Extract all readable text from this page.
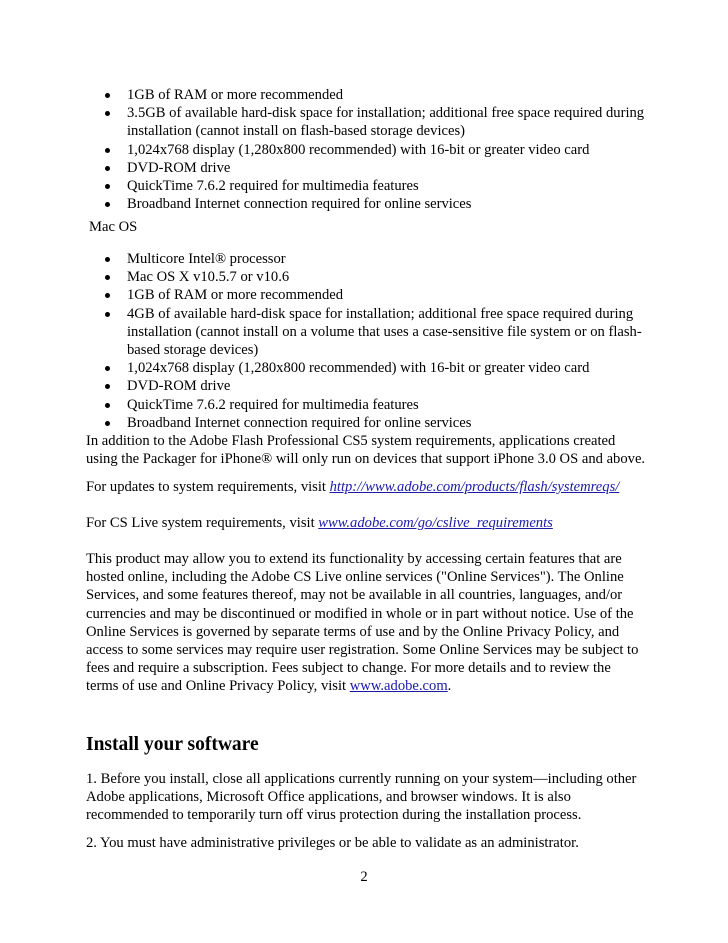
1GB of RAM or more recommended
3.5GB of available hard-disk space for installation; additional free space required during installation (cannot install on flash-based storage devices)
1,024x768 display (1,280x800 recommended) with 16-bit or greater video card
DVD-ROM drive
QuickTime 7.6.2 required for multimedia features
Broadband Internet connection required for online services

Mac OS

Multicore Intel® processor
Mac OS X v10.5.7 or v10.6
1GB of RAM or more recommended
4GB of available hard-disk space for installation; additional free space required during installation (cannot install on a volume that uses a case-sensitive file system or on flash-based storage devices)
1,024x768 display (1,280x800 recommended) with 16-bit or greater video card
DVD-ROM drive
QuickTime 7.6.2 required for multimedia features
Broadband Internet connection required for online services

In addition to the Adobe Flash Professional CS5 system requirements, applications created using the Packager for iPhone® will only run on devices that support iPhone 3.0 OS and above.

For updates to system requirements, visit http://www.adobe.com/products/flash/systemreqs/

For CS Live system requirements, visit www.adobe.com/go/cslive_requirements

This product may allow you to extend its functionality by accessing certain features that are hosted online, including the Adobe CS Live online services ("Online Services"). The Online Services, and some features thereof, may not be available in all countries, languages, and/or currencies and may be discontinued or modified in whole or in part without notice. Use of the Online Services is governed by separate terms of use and by the Online Privacy Policy, and access to some services may require user registration. Some Online Services may be subject to fees and require a subscription. Fees subject to change. For more details and to review the terms of use and Online Privacy Policy, visit www.adobe.com.

Install your software

1. Before you install, close all applications currently running on your system—including other Adobe applications, Microsoft Office applications, and browser windows. It is also recommended to temporarily turn off virus protection during the installation process.

2. You must have administrative privileges or be able to validate as an administrator.

2
